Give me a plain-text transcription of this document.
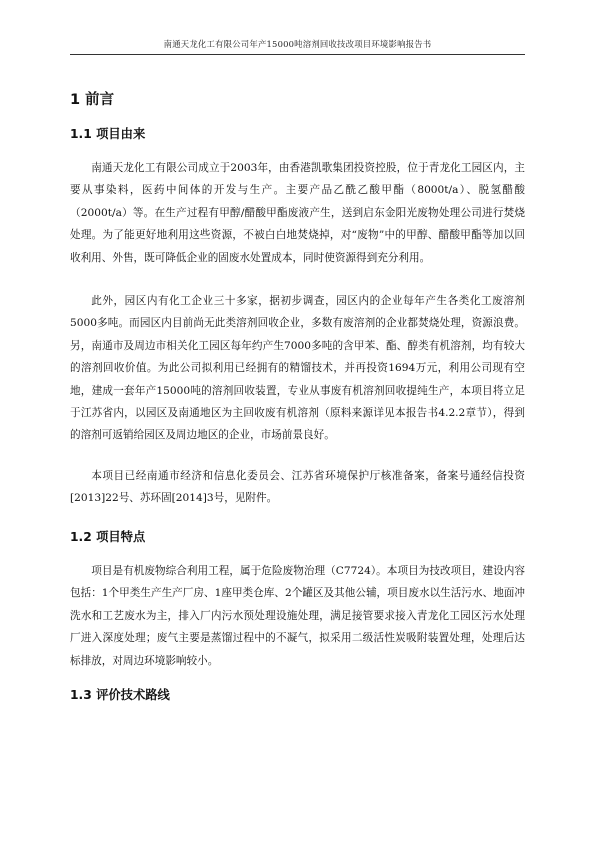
南通天龙化工有限公司年产15000吨溶剂回收技改项目环境影响报告书
1 前言
1.1 项目由来

南通天龙化工有限公司成立于2003年，由香港凯歌集团投资控股，位于青龙化工园区内，主要从事染料，医药中间体的开发与生产。主要产品乙酰乙酸甲酯（8000t/a）、脱氢醋酸（2000t/a）等。在生产过程有甲醇/醋酸甲酯废液产生，送到启东金阳光废物处理公司进行焚烧处理。为了能更好地利用这些资源，不被白白地焚烧掉，对“废物”中的甲醇、醋酸甲酯等加以回收利用、外售，既可降低企业的固废水处置成本，同时使资源得到充分利用。

此外，园区内有化工企业三十多家，据初步调查，园区内的企业每年产生各类化工废溶剂5000多吨。而园区内目前尚无此类溶剂回收企业，多数有废溶剂的企业都焚烧处理，资源浪费。另，南通市及周边市相关化工园区每年约产生7000多吨的含甲苯、酯、醇类有机溶剂，均有较大的溶剂回收价值。为此公司拟利用已经拥有的精馏技术，并再投资1694万元，利用公司现有空地，建成一套年产15000吨的溶剂回收装置，专业从事废有机溶剂回收提纯生产，本项目将立足于江苏省内，以园区及南通地区为主回收废有机溶剂（原料来源详见本报告书4.2.2章节），得到的溶剂可返销给园区及周边地区的企业，市场前景良好。

本项目已经南通市经济和信息化委员会、江苏省环境保护厅核准备案，备案号通经信投资[2013]22号、苏环固[2014]3号，见附件。

1.2 项目特点

项目是有机废物综合利用工程，属于危险废物治理（C7724）。本项目为技改项目，建设内容包括：1个甲类生产生产厂房、1座甲类仓库、2个罐区及其他公辅，项目废水以生活污水、地面冲洗水和工艺废水为主，排入厂内污水预处理设施处理，满足接管要求接入青龙化工园区污水处理厂进入深度处理；废气主要是蒸馏过程中的不凝气，拟采用二级活性炭吸附装置处理，处理后达标排放，对周边环境影响较小。

1.3 评价技术路线
